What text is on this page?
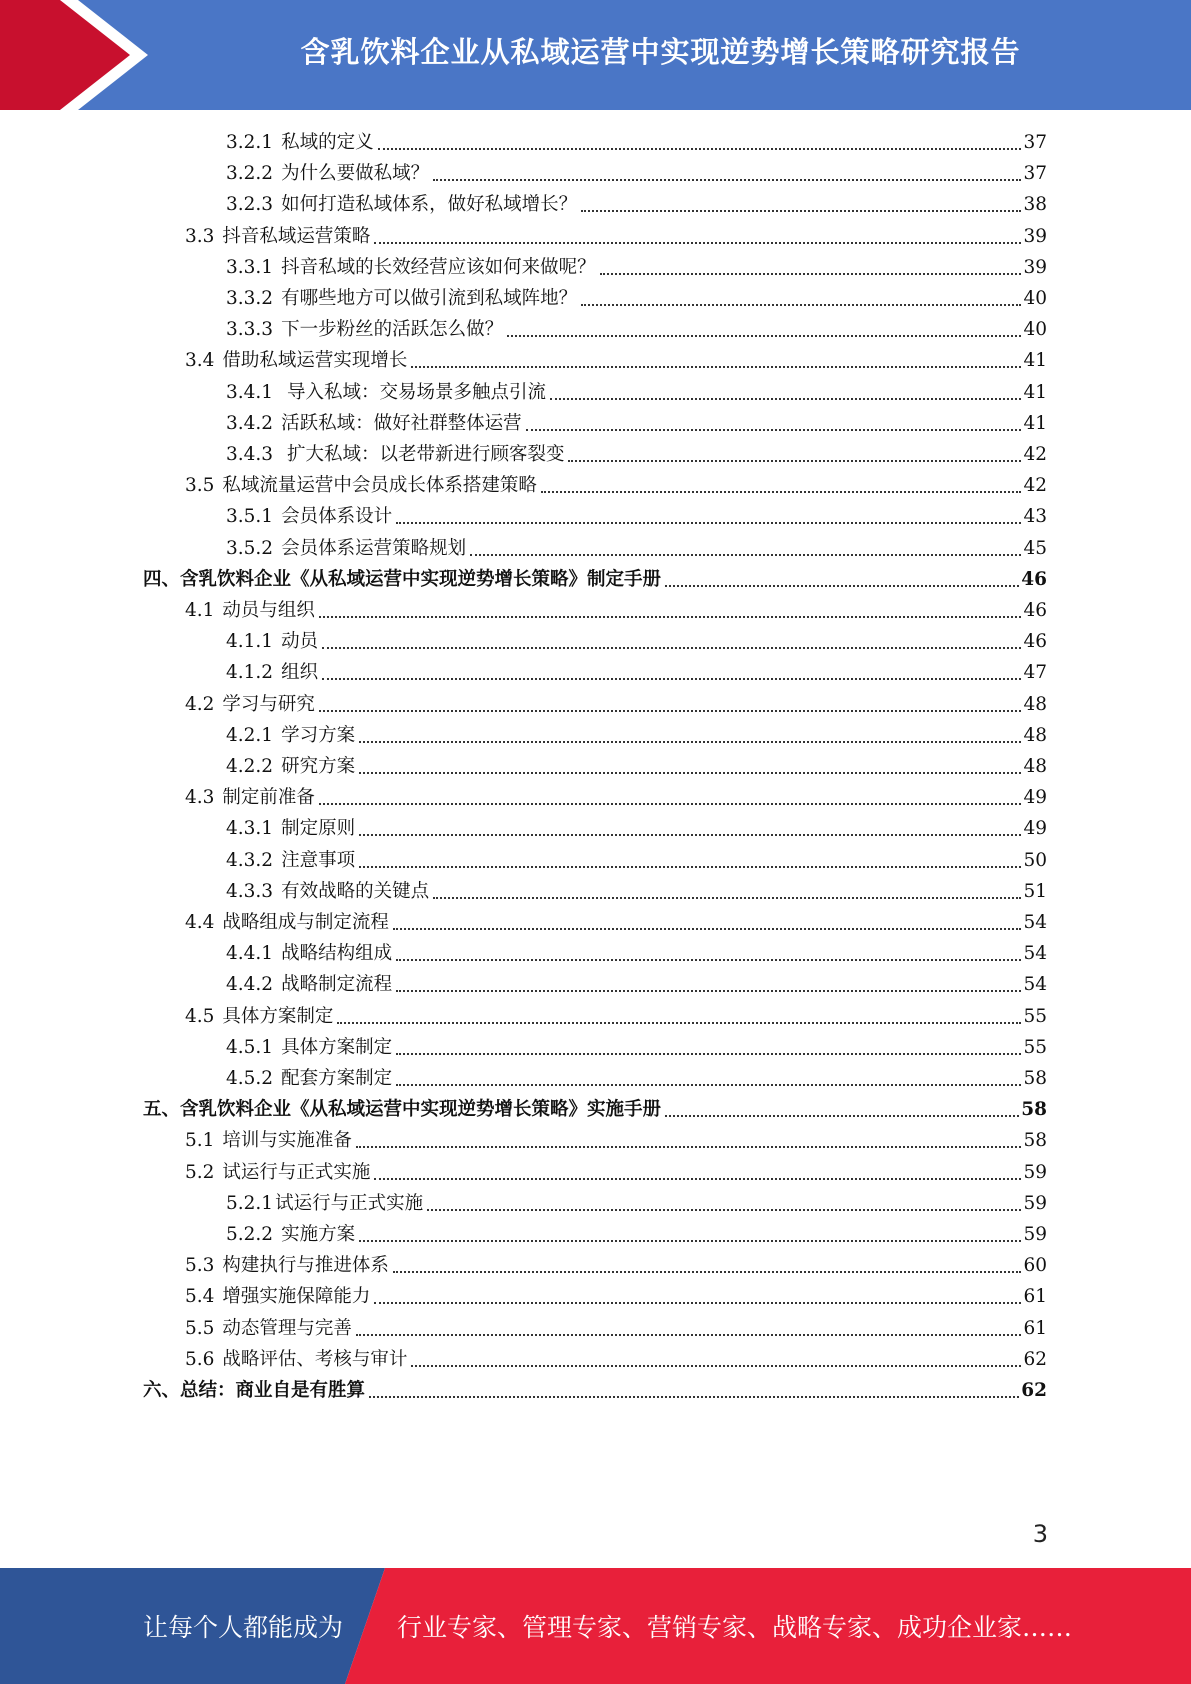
含乳饮料企业从私域运营中实现逆势增长策略研究报告
3.2.1 私域的定义	37
3.2.2 为什么要做私域？	37
3.2.3 如何打造私域体系，做好私域增长？	38
3.3 抖音私域运营策略	39
3.3.1 抖音私域的长效经营应该如何来做呢？	39
3.3.2 有哪些地方可以做引流到私域阵地？	40
3.3.3 下一步粉丝的活跃怎么做？	40
3.4 借助私域运营实现增长	41
3.4.1 导入私域：交易场景多触点引流	41
3.4.2 活跃私域：做好社群整体运营	41
3.4.3 扩大私域：以老带新进行顾客裂变	42
3.5 私域流量运营中会员成长体系搭建策略	42
3.5.1 会员体系设计	43
3.5.2 会员体系运营策略规划	45
四、含乳饮料企业《从私域运营中实现逆势增长策略》制定手册	46
4.1 动员与组织	46
4.1.1 动员	46
4.1.2 组织	47
4.2 学习与研究	48
4.2.1 学习方案	48
4.2.2 研究方案	48
4.3 制定前准备	49
4.3.1 制定原则	49
4.3.2 注意事项	50
4.3.3 有效战略的关键点	51
4.4 战略组成与制定流程	54
4.4.1 战略结构组成	54
4.4.2 战略制定流程	54
4.5 具体方案制定	55
4.5.1 具体方案制定	55
4.5.2 配套方案制定	58
五、含乳饮料企业《从私域运营中实现逆势增长策略》实施手册	58
5.1 培训与实施准备	58
5.2 试运行与正式实施	59
5.2.1 试运行与正式实施	59
5.2.2 实施方案	59
5.3 构建执行与推进体系	60
5.4 增强实施保障能力	61
5.5 动态管理与完善	61
5.6 战略评估、考核与审计	62
六、总结：商业自是有胜算	62
3
让每个人都能成为 行业专家、管理专家、营销专家、战略专家、成功企业家……
